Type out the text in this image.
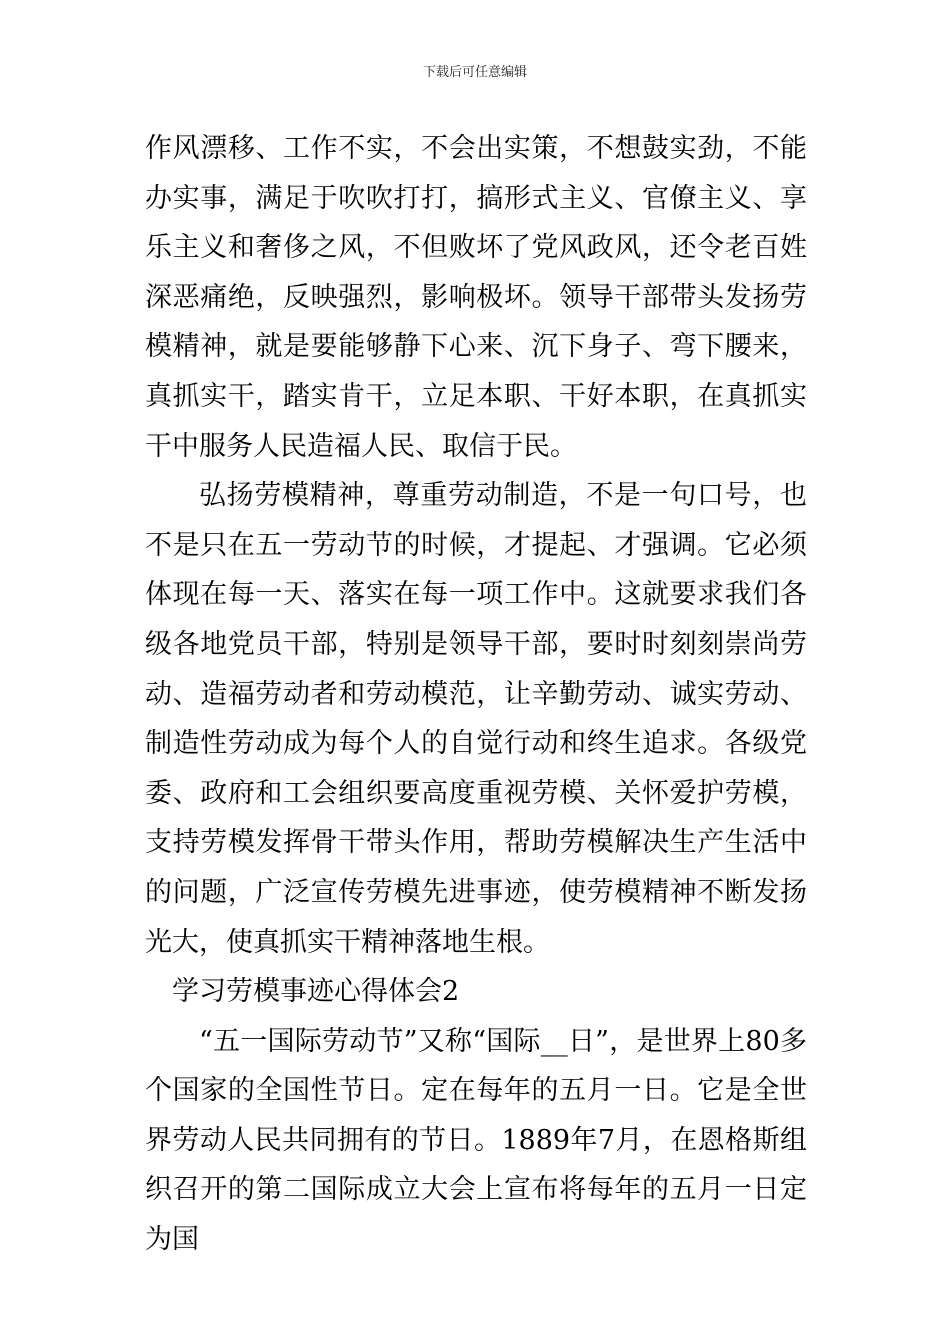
下载后可任意编辑

作风漂移、工作不实，不会出实策，不想鼓实劲，不能办实事，满足于吹吹打打，搞形式主义、官僚主义、享乐主义和奢侈之风，不但败坏了党风政风，还令老百姓深恶痛绝，反映强烈，影响极坏。领导干部带头发扬劳模精神，就是要能够静下心来、沉下身子、弯下腰来，真抓实干，踏实肯干，立足本职、干好本职，在真抓实干中服务人民造福人民、取信于民。

弘扬劳模精神，尊重劳动制造，不是一句口号，也不是只在五一劳动节的时候，才提起、才强调。它必须体现在每一天、落实在每一项工作中。这就要求我们各级各地党员干部，特别是领导干部，要时时刻刻崇尚劳动、造福劳动者和劳动模范，让辛勤劳动、诚实劳动、制造性劳动成为每个人的自觉行动和终生追求。各级党委、政府和工会组织要高度重视劳模、关怀爱护劳模，支持劳模发挥骨干带头作用，帮助劳模解决生产生活中的问题，广泛宣传劳模先进事迹，使劳模精神不断发扬光大，使真抓实干精神落地生根。

学习劳模事迹心得体会2

“五一国际劳动节”又称“国际__日”，是世界上80多个国家的全国性节日。定在每年的五月一日。它是全世界劳动人民共同拥有的节日。1889年7月，在恩格斯组织召开的第二国际成立大会上宣布将每年的五月一日定为国
